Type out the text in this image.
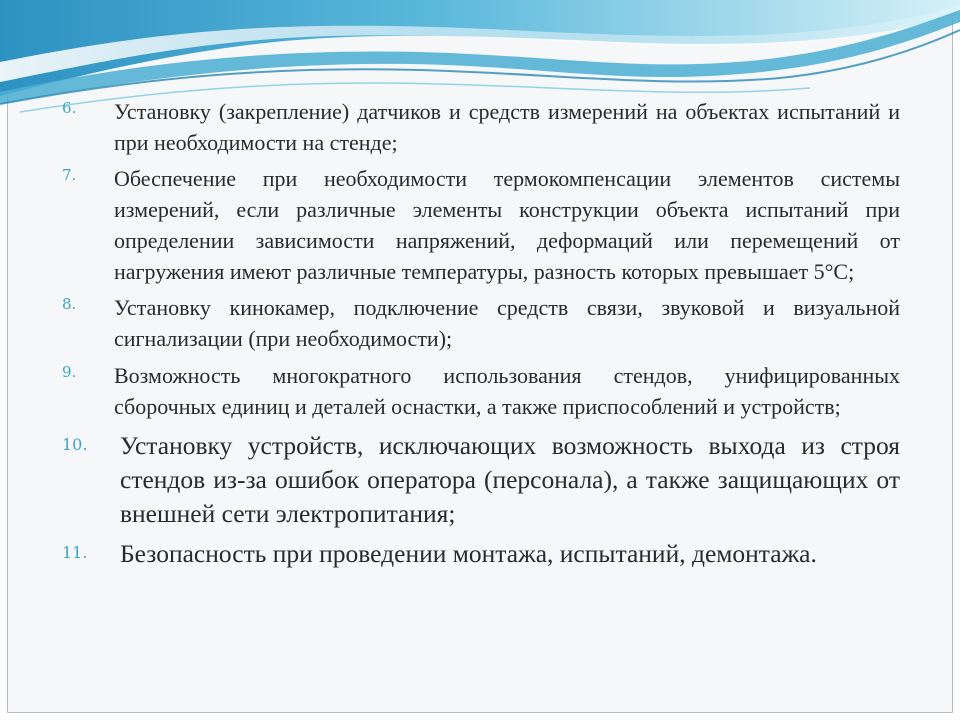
6. Установку (закрепление) датчиков и средств измерений на объектах испытаний и при необходимости на стенде;
7. Обеспечение при необходимости термокомпенсации элементов системы измерений, если различные элементы конструкции объекта испытаний при определении зависимости напряжений, деформаций или перемещений от нагружения имеют различные температуры, разность которых превышает 5°С;
8. Установку кинокамер, подключение средств связи, звуковой и визуальной сигнализации (при необходимости);
9. Возможность многократного использования стендов, унифицированных сборочных единиц и деталей оснастки, а также приспособлений и устройств;
10. Установку устройств, исключающих возможность выхода из строя стендов из-за ошибок оператора (персонала), а также защищающих от внешней сети электропитания;
11. Безопасность при проведении монтажа, испытаний, демонтажа.
